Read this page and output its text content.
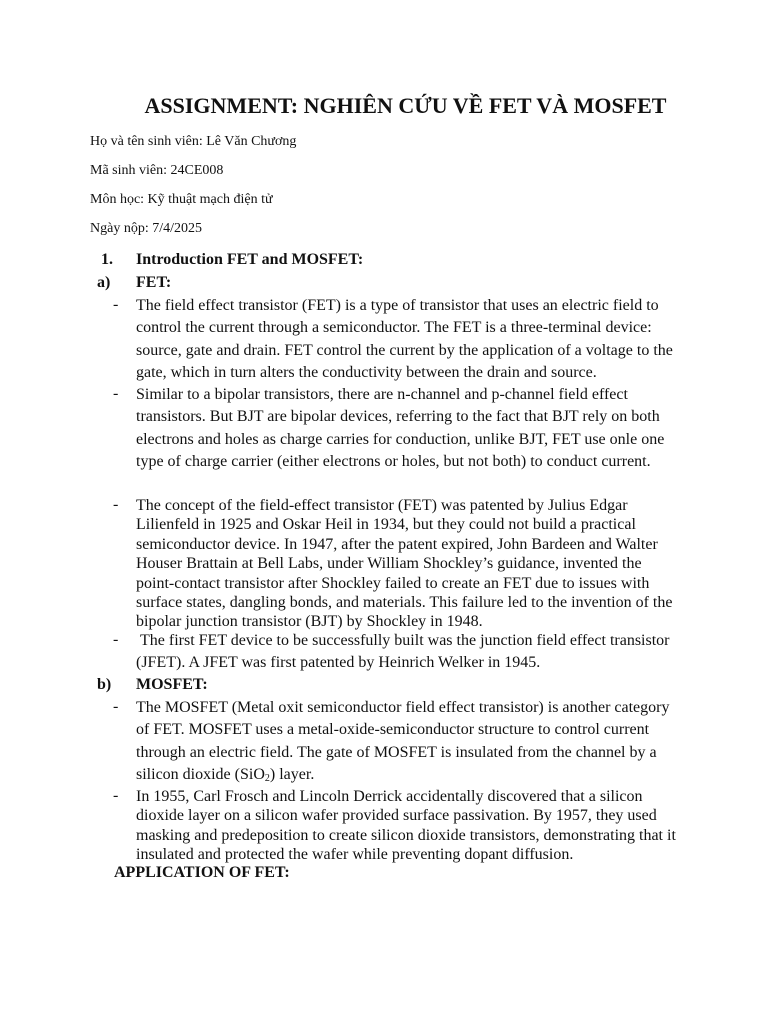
ASSIGNMENT: NGHIÊN CỨU VỀ FET VÀ MOSFET

Họ và tên sinh viên: Lê Văn Chương

Mã sinh viên: 24CE008

Môn học: Kỹ thuật mạch điện tử

Ngày nộp: 7/4/2025

1. Introduction FET and MOSFET:
a) FET:
- The field effect transistor (FET) is a type of transistor that uses an electric field to control the current through a semiconductor. The FET is a three-terminal device: source, gate and drain. FET control the current by the application of a voltage to the gate, which in turn alters the conductivity between the drain and source.

- Similar to a bipolar transistors, there are n-channel and p-channel field effect transistors. But BJT are bipolar devices, referring to the fact that BJT rely on both electrons and holes as charge carries for conduction, unlike BJT, FET use onle one type of charge carrier (either electrons or holes, but not both) to conduct current.

- The concept of the field-effect transistor (FET) was patented by Julius Edgar Lilienfeld in 1925 and Oskar Heil in 1934, but they could not build a practical semiconductor device. In 1947, after the patent expired, John Bardeen and Walter Houser Brattain at Bell Labs, under William Shockley’s guidance, invented the point-contact transistor after Shockley failed to create an FET due to issues with surface states, dangling bonds, and materials. This failure led to the invention of the bipolar junction transistor (BJT) by Shockley in 1948.

- The first FET device to be successfully built was the junction field effect transistor (JFET). A JFET was first patented by Heinrich Welker in 1945.

b) MOSFET:
- The MOSFET (Metal oxit semiconductor field effect transistor) is another category of FET. MOSFET uses a metal-oxide-semiconductor structure to control current through an electric field. The gate of MOSFET is insulated from the channel by a silicon dioxide (SiO$_2$) layer.

- In 1955, Carl Frosch and Lincoln Derrick accidentally discovered that a silicon dioxide layer on a silicon wafer provided surface passivation. By 1957, they used masking and predeposition to create silicon dioxide transistors, demonstrating that it insulated and protected the wafer while preventing dopant diffusion.

APPLICATION OF FET:
